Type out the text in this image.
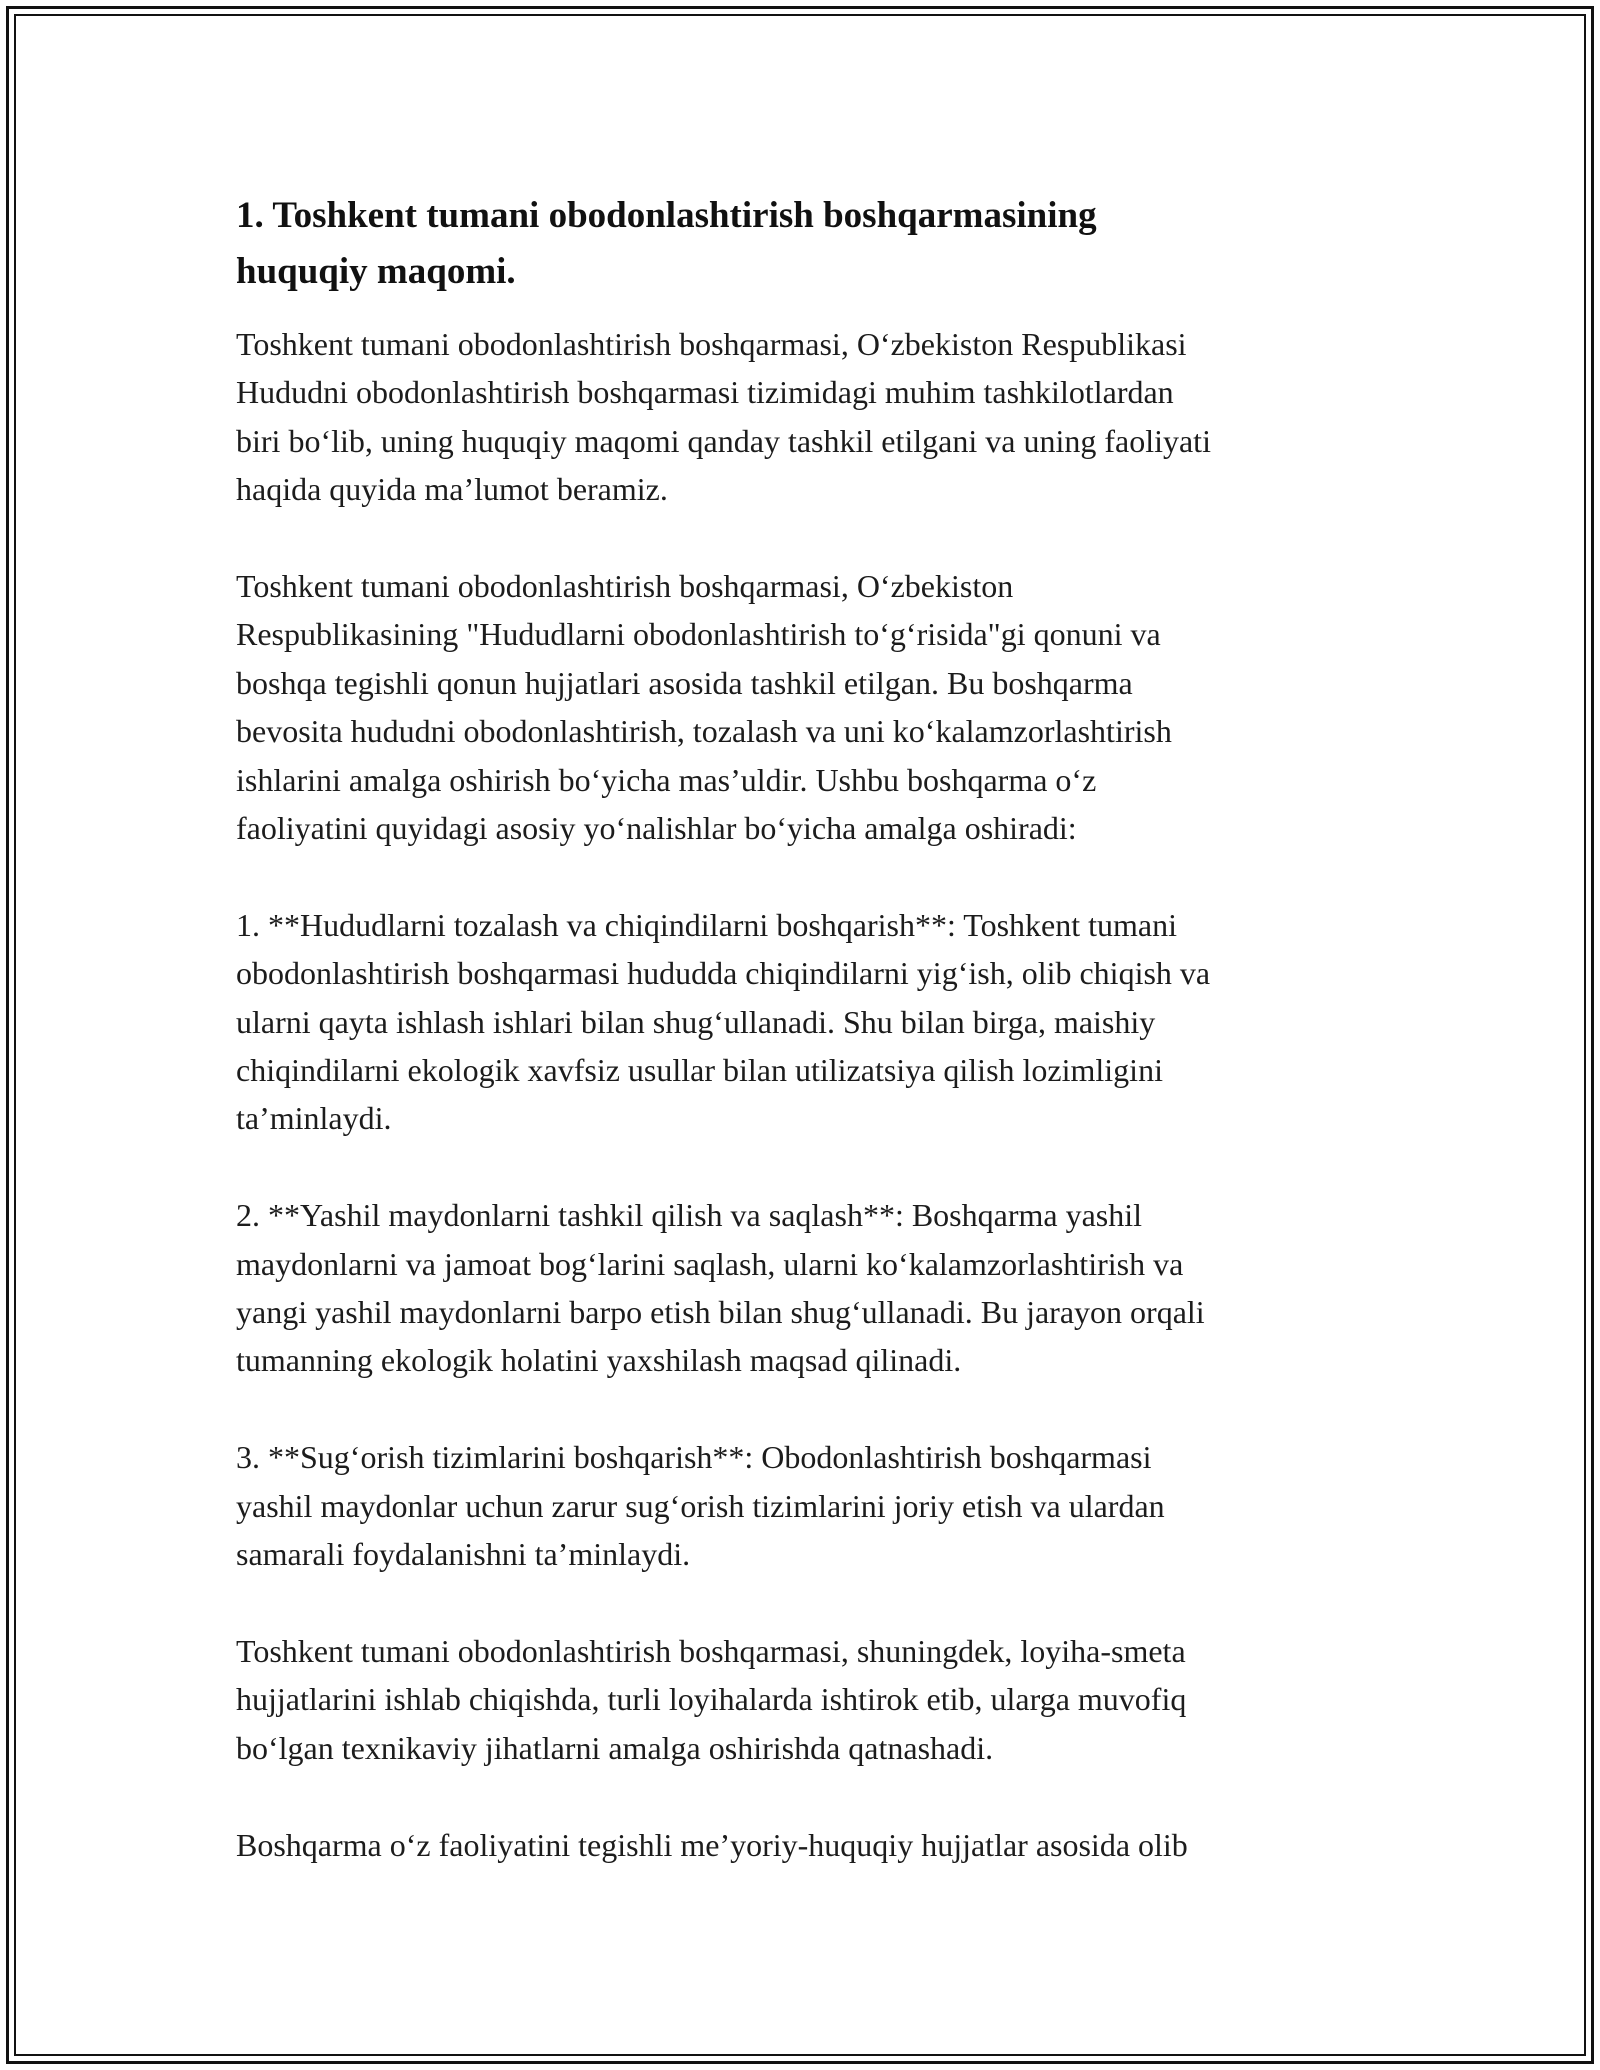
1. Toshkent tumani obodonlashtirish boshqarmasining
huquqiy maqomi.

Toshkent tumani obodonlashtirish boshqarmasi, O‘zbekiston Respublikasi
Hududni obodonlashtirish boshqarmasi tizimidagi muhim tashkilotlardan
biri bo‘lib, uning huquqiy maqomi qanday tashkil etilgani va uning faoliyati
haqida quyida ma’lumot beramiz.

Toshkent tumani obodonlashtirish boshqarmasi, O‘zbekiston
Respublikasining "Hududlarni obodonlashtirish to‘g‘risida"gi qonuni va
boshqa tegishli qonun hujjatlari asosida tashkil etilgan. Bu boshqarma
bevosita hududni obodonlashtirish, tozalash va uni ko‘kalamzorlashtirish
ishlarini amalga oshirish bo‘yicha mas’uldir. Ushbu boshqarma o‘z
faoliyatini quyidagi asosiy yo‘nalishlar bo‘yicha amalga oshiradi:

1. **Hududlarni tozalash va chiqindilarni boshqarish**: Toshkent tumani
obodonlashtirish boshqarmasi hududda chiqindilarni yig‘ish, olib chiqish va
ularni qayta ishlash ishlari bilan shug‘ullanadi. Shu bilan birga, maishiy
chiqindilarni ekologik xavfsiz usullar bilan utilizatsiya qilish lozimligini
ta’minlaydi.

2. **Yashil maydonlarni tashkil qilish va saqlash**: Boshqarma yashil
maydonlarni va jamoat bog‘larini saqlash, ularni ko‘kalamzorlashtirish va
yangi yashil maydonlarni barpo etish bilan shug‘ullanadi. Bu jarayon orqali
tumanning ekologik holatini yaxshilash maqsad qilinadi.

3. **Sug‘orish tizimlarini boshqarish**: Obodonlashtirish boshqarmasi
yashil maydonlar uchun zarur sug‘orish tizimlarini joriy etish va ulardan
samarali foydalanishni ta’minlaydi.

Toshkent tumani obodonlashtirish boshqarmasi, shuningdek, loyiha-smeta
hujjatlarini ishlab chiqishda, turli loyihalarda ishtirok etib, ularga muvofiq
bo‘lgan texnikaviy jihatlarni amalga oshirishda qatnashadi.

Boshqarma o‘z faoliyatini tegishli me’yoriy-huquqiy hujjatlar asosida olib
